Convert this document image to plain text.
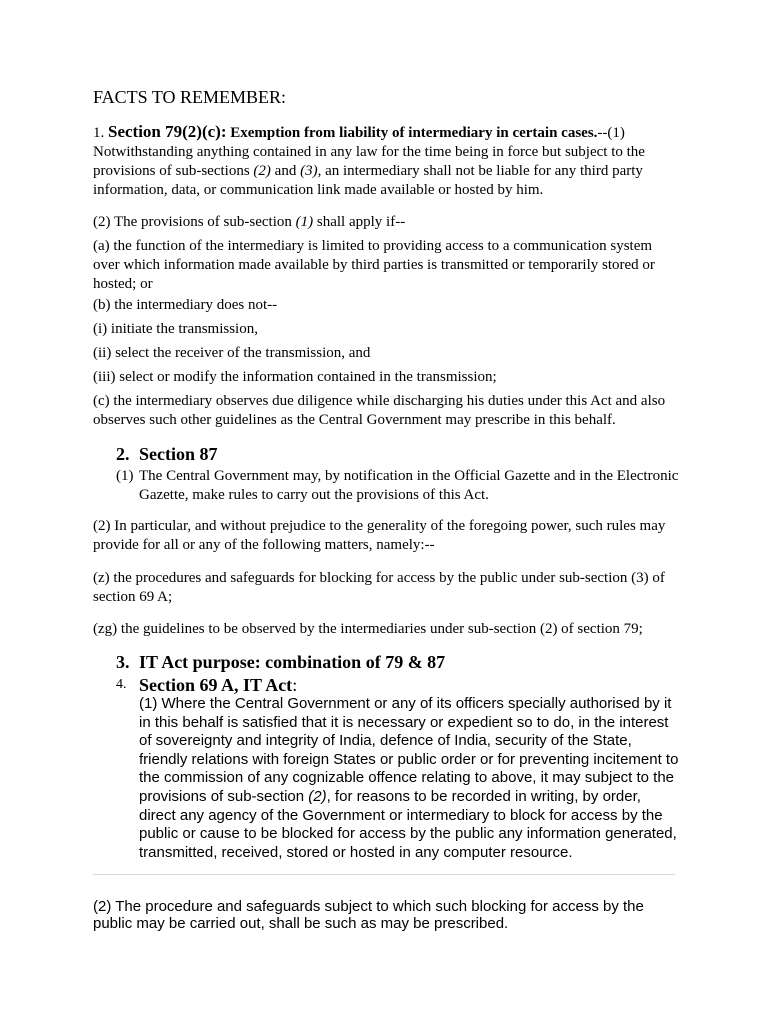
FACTS TO REMEMBER:

1. Section 79(2)(c): Exemption from liability of intermediary in certain cases.--(1) Notwithstanding anything contained in any law for the time being in force but subject to the provisions of sub-sections (2) and (3), an intermediary shall not be liable for any third party information, data, or communication link made available or hosted by him.

(2) The provisions of sub-section (1) shall apply if--

(a) the function of the intermediary is limited to providing access to a communication system over which information made available by third parties is transmitted or temporarily stored or hosted; or

(b) the intermediary does not--

(i) initiate the transmission,

(ii) select the receiver of the transmission, and

(iii) select or modify the information contained in the transmission;

(c) the intermediary observes due diligence while discharging his duties under this Act and also observes such other guidelines as the Central Government may prescribe in this behalf.

2. Section 87

(1) The Central Government may, by notification in the Official Gazette and in the Electronic Gazette, make rules to carry out the provisions of this Act.

(2) In particular, and without prejudice to the generality of the foregoing power, such rules may provide for all or any of the following matters, namely:--

(z) the procedures and safeguards for blocking for access by the public under sub-section (3) of section 69 A;

(zg) the guidelines to be observed by the intermediaries under sub-section (2) of section 79;

3. IT Act purpose: combination of 79 & 87

4. Section 69 A, IT Act:

(1) Where the Central Government or any of its officers specially authorised by it in this behalf is satisfied that it is necessary or expedient so to do, in the interest of sovereignty and integrity of India, defence of India, security of the State, friendly relations with foreign States or public order or for preventing incitement to the commission of any cognizable offence relating to above, it may subject to the provisions of sub-section (2), for reasons to be recorded in writing, by order, direct any agency of the Government or intermediary to block for access by the public or cause to be blocked for access by the public any information generated, transmitted, received, stored or hosted in any computer resource.

(2) The procedure and safeguards subject to which such blocking for access by the public may be carried out, shall be such as may be prescribed.
